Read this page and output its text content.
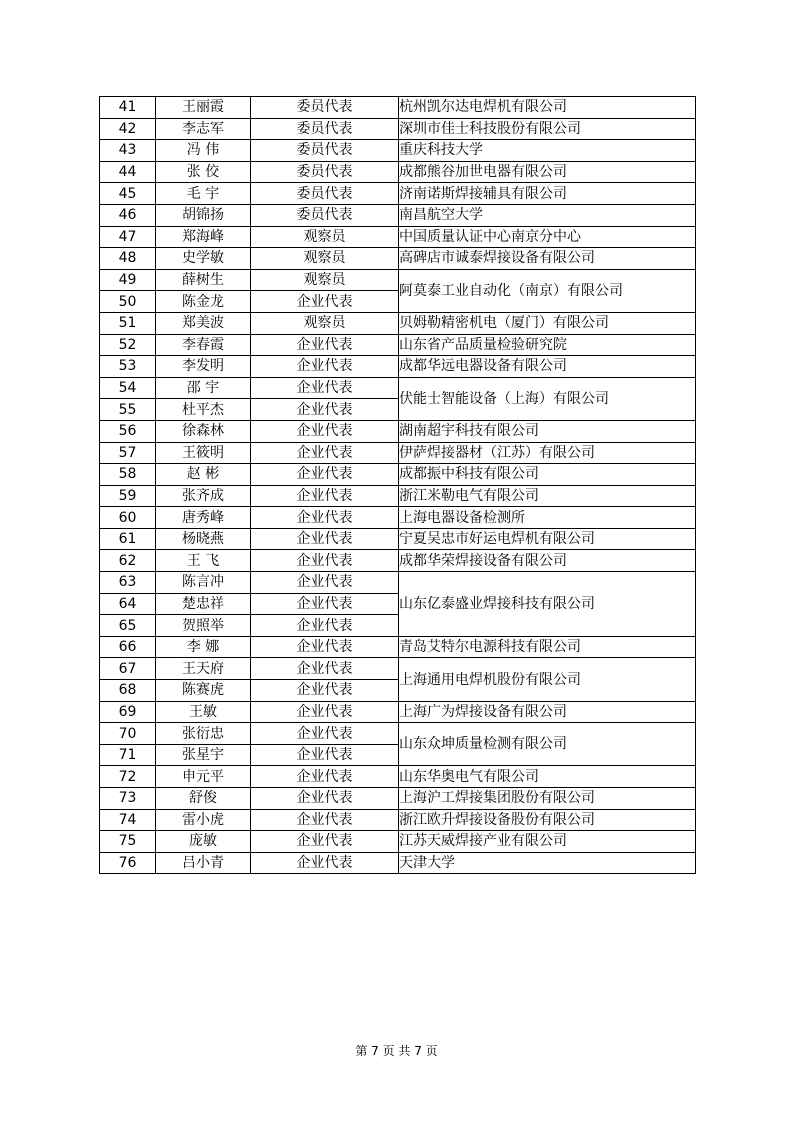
41	王丽霞	委员代表	杭州凯尔达电焊机有限公司
42	李志军	委员代表	深圳市佳士科技股份有限公司
43	冯 伟	委员代表	重庆科技大学
44	张 佼	委员代表	成都熊谷加世电器有限公司
45	毛 宇	委员代表	济南诺斯焊接辅具有限公司
46	胡锦扬	委员代表	南昌航空大学
47	郑海峰	观察员	中国质量认证中心南京分中心
48	史学敏	观察员	高碑店市诚泰焊接设备有限公司
49	薛树生	观察员	阿莫泰工业自动化（南京）有限公司
50	陈金龙	企业代表	
51	郑美波	观察员	贝姆勒精密机电（厦门）有限公司
52	李春霞	企业代表	山东省产品质量检验研究院
53	李发明	企业代表	成都华远电器设备有限公司
54	邵 宇	企业代表	伏能士智能设备（上海）有限公司
55	杜平杰	企业代表	
56	徐森林	企业代表	湖南超宇科技有限公司
57	王筱明	企业代表	伊萨焊接器材（江苏）有限公司
58	赵 彬	企业代表	成都振中科技有限公司
59	张齐成	企业代表	浙江米勒电气有限公司
60	唐秀峰	企业代表	上海电器设备检测所
61	杨晓燕	企业代表	宁夏吴忠市好运电焊机有限公司
62	王 飞	企业代表	成都华荣焊接设备有限公司
63	陈言冲	企业代表	山东亿泰盛业焊接科技有限公司
64	楚忠祥	企业代表	
65	贺照举	企业代表	
66	李 娜	企业代表	青岛艾特尔电源科技有限公司
67	王天府	企业代表	上海通用电焊机股份有限公司
68	陈赛虎	企业代表	
69	王敏	企业代表	上海广为焊接设备有限公司
70	张衍忠	企业代表	山东众坤质量检测有限公司
71	张星宇	企业代表	
72	申元平	企业代表	山东华奥电气有限公司
73	舒俊	企业代表	上海沪工焊接集团股份有限公司
74	雷小虎	企业代表	浙江欧升焊接设备股份有限公司
75	庞敏	企业代表	江苏天威焊接产业有限公司
76	吕小青	企业代表	天津大学
第 7 页 共 7 页
